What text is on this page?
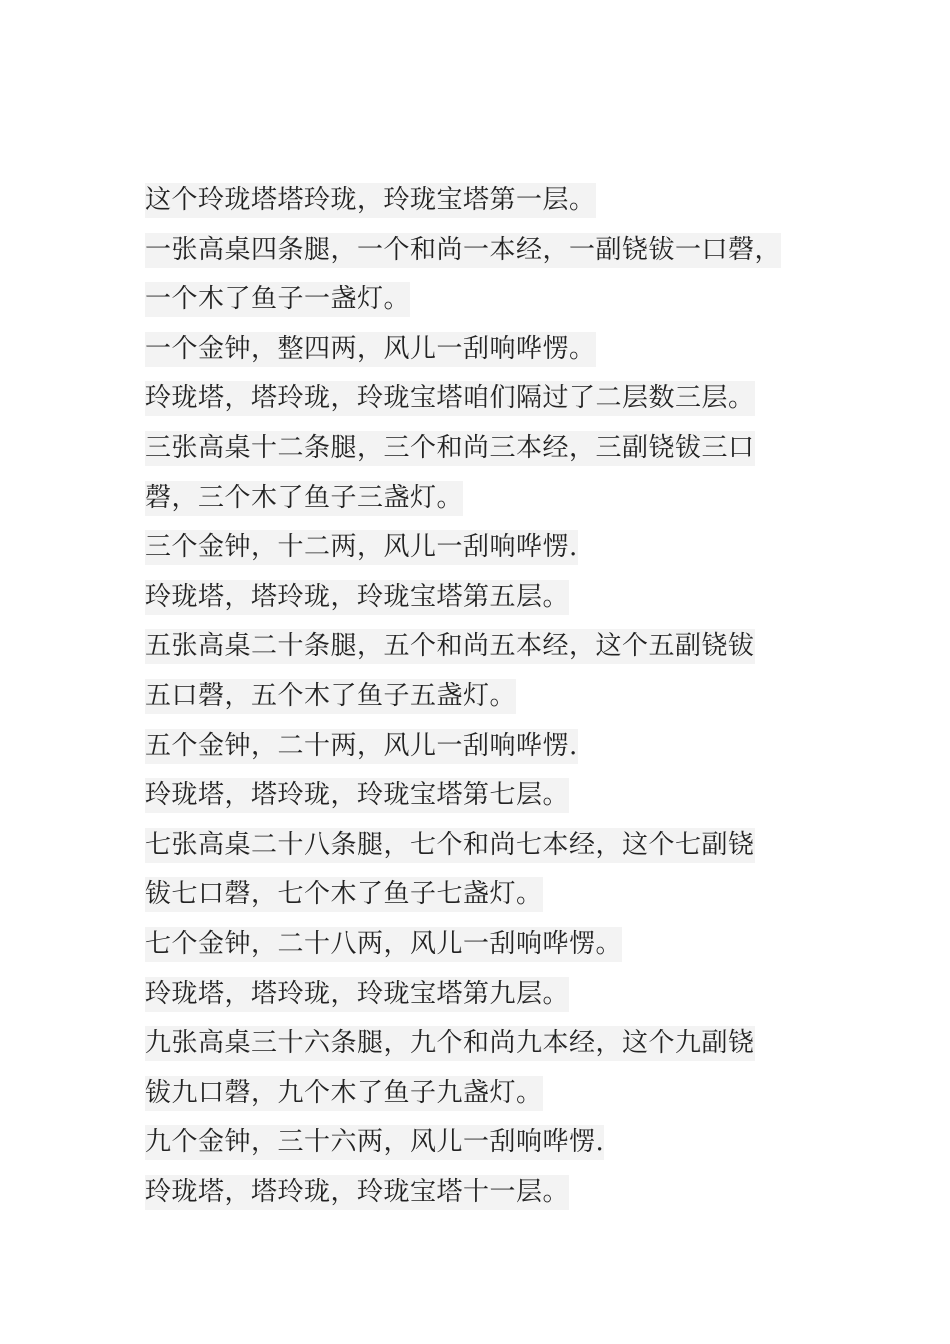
这个玲珑塔塔玲珑，玲珑宝塔第一层。
一张高桌四条腿，一个和尚一本经，一副铙钹一口磬，
一个木了鱼子一盏灯。
一个金钟，整四两，风儿一刮响哗愣。
玲珑塔，塔玲珑，玲珑宝塔咱们隔过了二层数三层。
三张高桌十二条腿，三个和尚三本经，三副铙钹三口
磬，三个木了鱼子三盏灯。
三个金钟，十二两，风儿一刮响哗愣.
玲珑塔，塔玲珑，玲珑宝塔第五层。
五张高桌二十条腿，五个和尚五本经，这个五副铙钹
五口磬，五个木了鱼子五盏灯。
五个金钟，二十两，风儿一刮响哗愣.
玲珑塔，塔玲珑，玲珑宝塔第七层。
七张高桌二十八条腿，七个和尚七本经，这个七副铙
钹七口磬，七个木了鱼子七盏灯。
七个金钟，二十八两，风儿一刮响哗愣。
玲珑塔，塔玲珑，玲珑宝塔第九层。
九张高桌三十六条腿，九个和尚九本经，这个九副铙
钹九口磬，九个木了鱼子九盏灯。
九个金钟，三十六两，风儿一刮响哗愣.
玲珑塔，塔玲珑，玲珑宝塔十一层。
